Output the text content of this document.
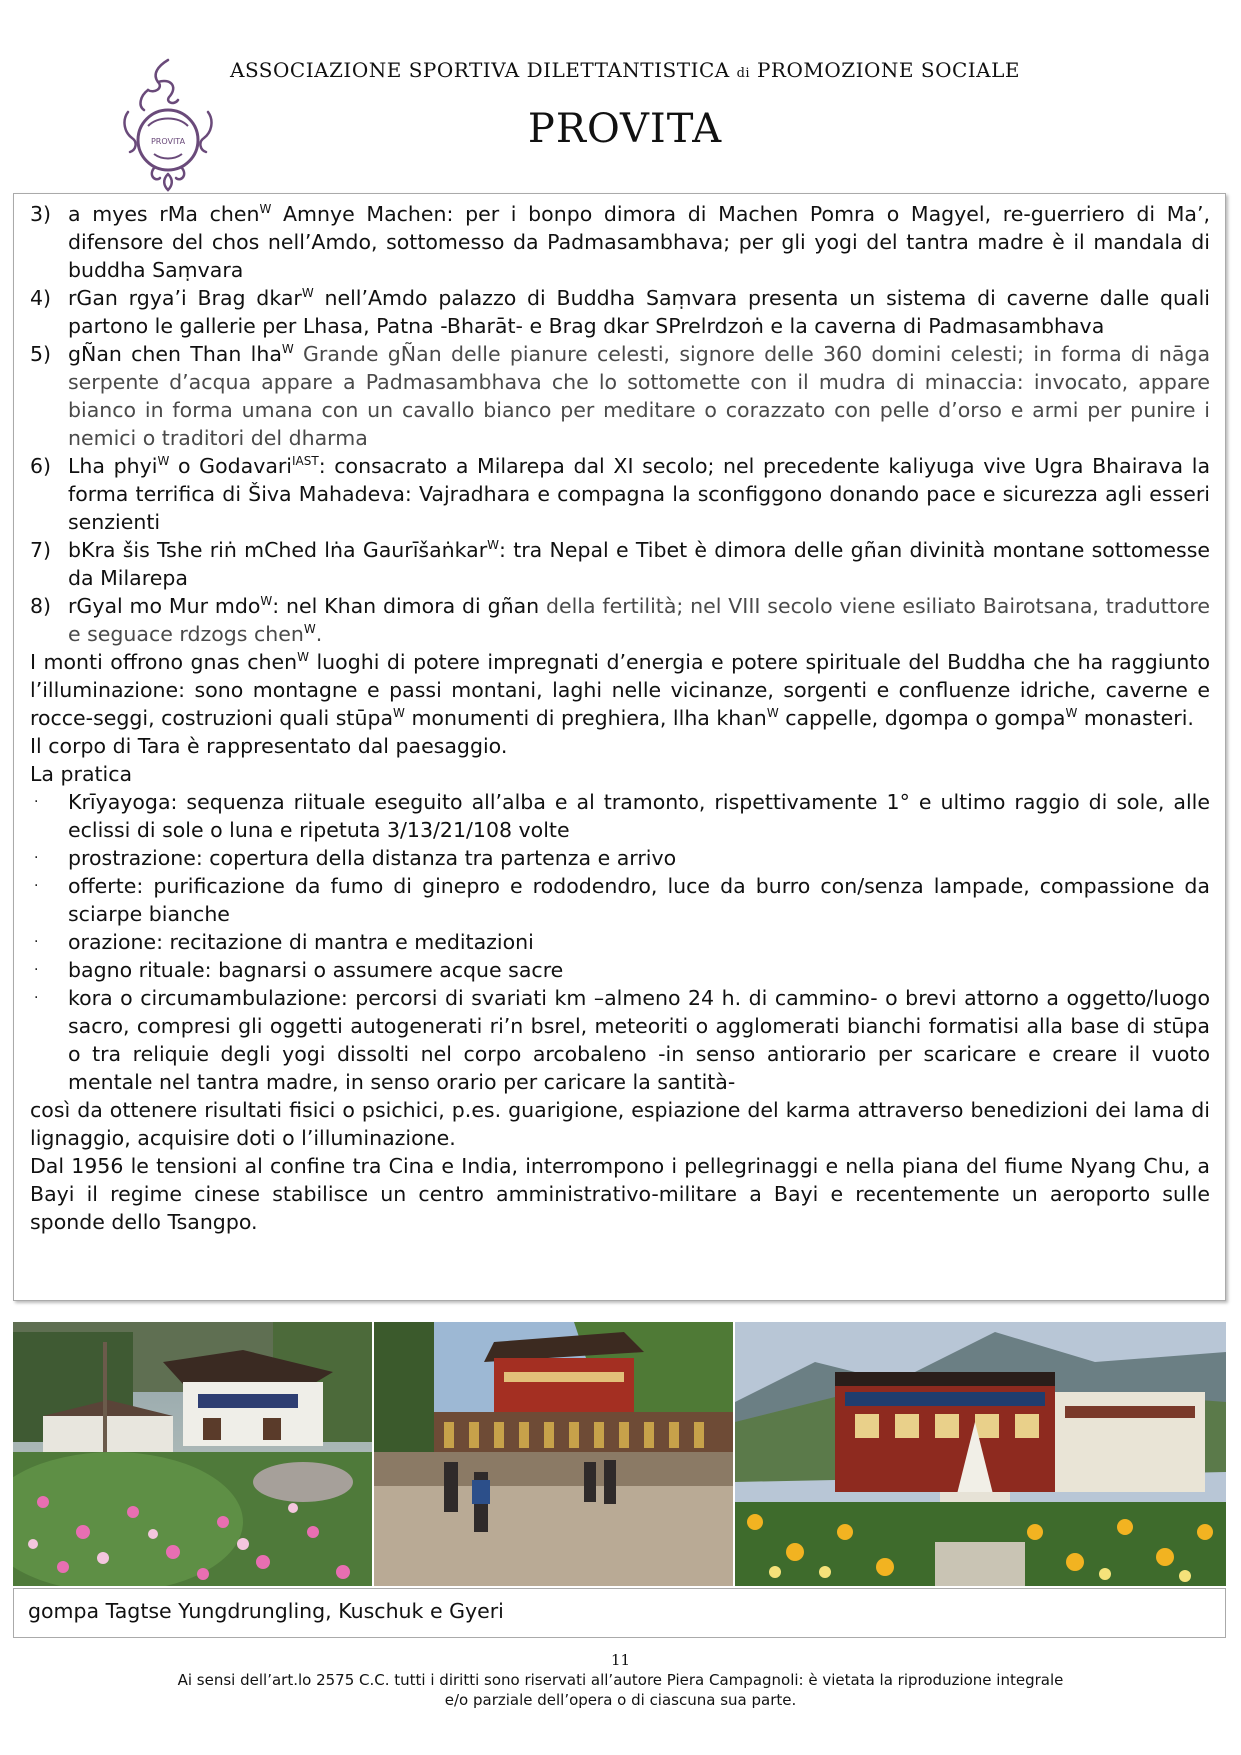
PROVITA
ASSOCIAZIONE SPORTIVA DILETTANTISTICA di PROMOZIONE SOCIALE
PROVITA
3) a myes rMa chen$^W$ Amnye Machen: per i bonpo dimora di Machen Pomra o Magyel, re-guerriero di Ma’, difensore del chos nell’Amdo, sottomesso da Padmasambhava; per gli yogi del tantra madre è il mandala di buddha Saṃvara
4) rGan rgya’i Brag dkar$^W$ nell’Amdo palazzo di Buddha Saṃvara presenta un sistema di caverne dalle quali partono le gallerie per Lhasa, Patna -Bharāt- e Brag dkar SPrelrdzoṅ e la caverna di Padmasambhava
5) gÑan chen Than lha$^W$ Grande gÑan delle pianure celesti, signore delle 360 domini celesti; in forma di nāga serpente d’acqua appare a Padmasambhava che lo sottomette con il mudra di minaccia: invocato, appare bianco in forma umana con un cavallo bianco per meditare o corazzato con pelle d’orso e armi per punire i nemici o traditori del dharma
6) Lha phyi$^W$ o Godavari$^{IAST}$: consacrato a Milarepa dal XI secolo; nel precedente kaliyuga vive Ugra Bhairava la forma terrifica di Šiva Mahadeva: Vajradhara e compagna la sconfiggono donando pace e sicurezza agli esseri senzienti
7) bKra šis Tshe riṅ mChed lṅa Gaurīšaṅkar$^W$: tra Nepal e Tibet è dimora delle gñan divinità montane sottomesse da Milarepa
8) rGyal mo Mur mdo$^W$: nel Khan dimora di gñan della fertilità; nel VIII secolo viene esiliato Bairotsana, traduttore e seguace rdzogs chen$^W$.

I monti offrono gnas chen$^W$ luoghi di potere impregnati d’energia e potere spirituale del Buddha che ha raggiunto l’illuminazione: sono montagne e passi montani, laghi nelle vicinanze, sorgenti e confluenze idriche, caverne e rocce-seggi, costruzioni quali stūpa$^W$ monumenti di preghiera, llha khan$^W$ cappelle, dgompa o gompa$^W$ monasteri.

Il corpo di Tara è rappresentato dal paesaggio.

La pratica

· Krīyayoga: sequenza riituale eseguito all’alba e al tramonto, rispettivamente 1° e ultimo raggio di sole, alle eclissi di sole o luna e ripetuta 3/13/21/108 volte
· prostrazione: copertura della distanza tra partenza e arrivo
· offerte: purificazione da fumo di ginepro e rododendro, luce da burro con/senza lampade, compassione da sciarpe bianche
· orazione: recitazione di mantra e meditazioni
· bagno rituale: bagnarsi o assumere acque sacre
· kora o circumambulazione: percorsi di svariati km –almeno 24 h. di cammino- o brevi attorno a oggetto/luogo sacro, compresi gli oggetti autogenerati ri’n bsrel, meteoriti o agglomerati bianchi formatisi alla base di stūpa o tra reliquie degli yogi dissolti nel corpo arcobaleno -in senso antiorario per scaricare e creare il vuoto mentale nel tantra madre, in senso orario per caricare la santità-

così da ottenere risultati fisici o psichici, p.es. guarigione, espiazione del karma attraverso benedizioni dei lama di lignaggio, acquisire doti o l’illuminazione.

Dal 1956 le tensioni al confine tra Cina e India, interrompono i pellegrinaggi e nella piana del fiume Nyang Chu, a Bayi il regime cinese stabilisce un centro amministrativo-militare a Bayi e recentemente un aeroporto sulle sponde dello Tsangpo.

gompa Tagtse Yungdrungling, Kuschuk e Gyeri
11
Ai sensi dell’art.lo 2575 C.C. tutti i diritti sono riservati all’autore Piera Campagnoli: è vietata la riproduzione integrale
e/o parziale dell’opera o di ciascuna sua parte.
